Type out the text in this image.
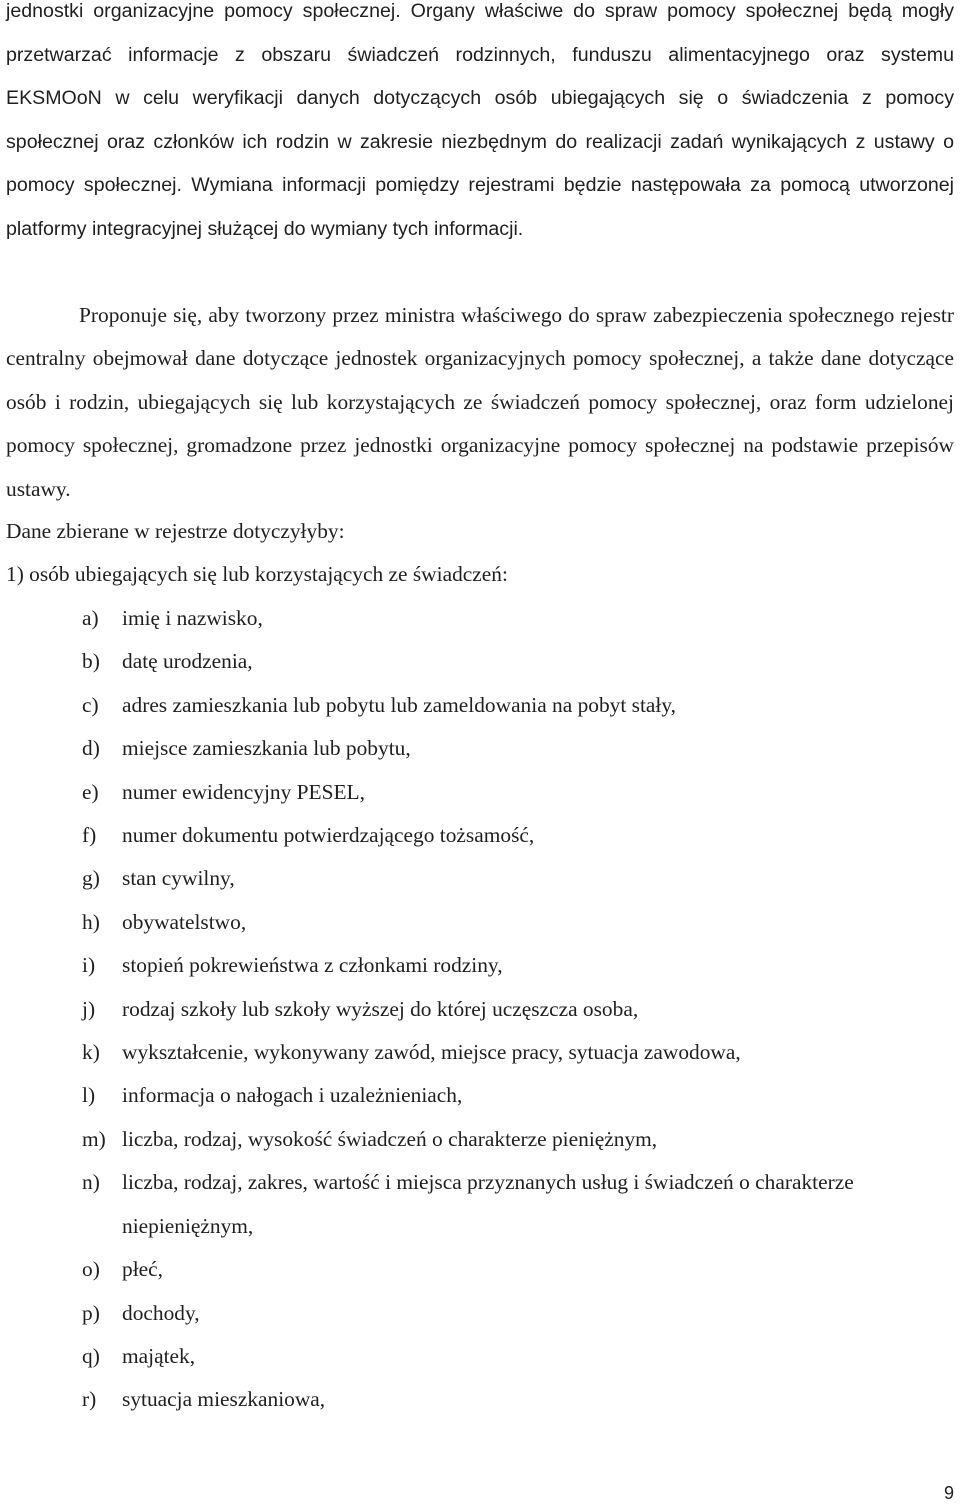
jednostki organizacyjne pomocy społecznej. Organy właściwe do spraw pomocy społecznej będą mogły przetwarzać informacje z obszaru świadczeń rodzinnych, funduszu alimentacyjnego oraz systemu EKSMOoN w celu weryfikacji danych dotyczących osób ubiegających się o świadczenia z pomocy społecznej oraz członków ich rodzin w zakresie niezbędnym do realizacji zadań wynikających z ustawy o pomocy społecznej. Wymiana informacji pomiędzy rejestrami będzie następowała za pomocą utworzonej platformy integracyjnej służącej do wymiany tych informacji.

Proponuje się, aby tworzony przez ministra właściwego do spraw zabezpieczenia społecznego rejestr centralny obejmował dane dotyczące jednostek organizacyjnych pomocy społecznej, a także dane dotyczące osób i rodzin, ubiegających się lub korzystających ze świadczeń pomocy społecznej, oraz form udzielonej pomocy społecznej, gromadzone przez jednostki organizacyjne pomocy społecznej na podstawie przepisów ustawy.

Dane zbierane w rejestrze dotyczyłyby:
1) osób ubiegających się lub korzystających ze świadczeń:
a)	imię i nazwisko,
b)	datę urodzenia,
c)	adres zamieszkania lub pobytu lub zameldowania na pobyt stały,
d)	miejsce zamieszkania lub pobytu,
e)	numer ewidencyjny PESEL,
f)	numer dokumentu potwierdzającego tożsamość,
g)	stan cywilny,
h)	obywatelstwo,
i)	stopień pokrewieństwa z członkami rodziny,
j)	rodzaj szkoły lub szkoły wyższej do której uczęszcza osoba,
k)	wykształcenie, wykonywany zawód, miejsce pracy, sytuacja zawodowa,
l)	informacja o nałogach i uzależnieniach,
m) liczba, rodzaj, wysokość świadczeń o charakterze pieniężnym,
n)	liczba, rodzaj, zakres, wartość i miejsca przyznanych usług i świadczeń o charakterze niepieniężnym,
o)	płeć,
p)	dochody,
q)	majątek,
r)	sytuacja mieszkaniowa,
9
